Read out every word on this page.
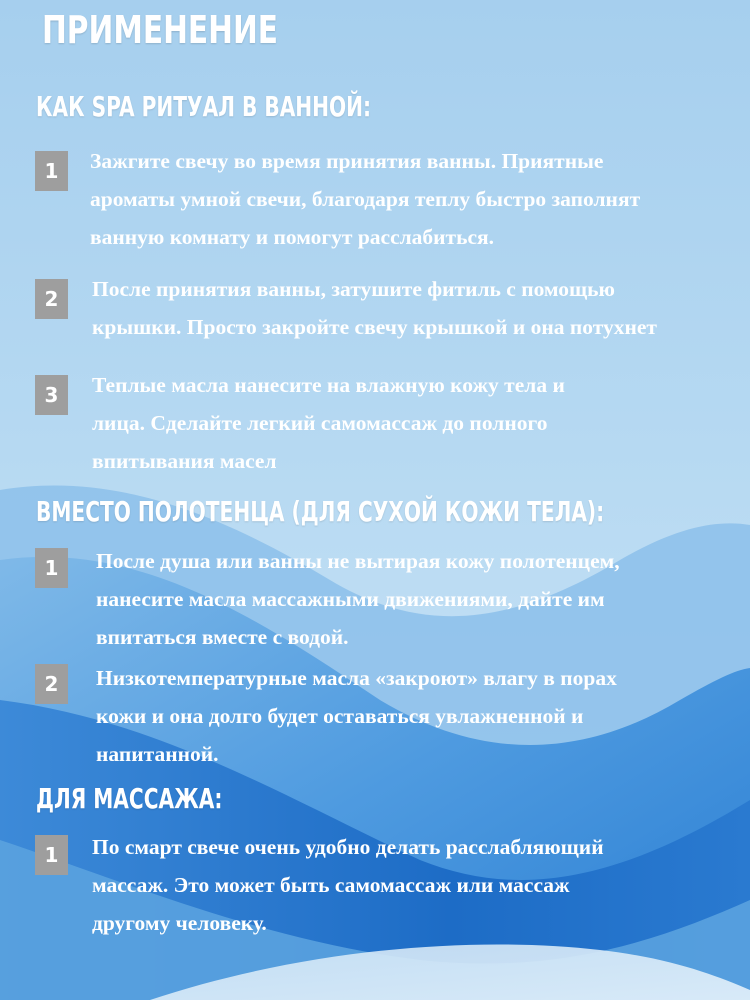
ПРИМЕНЕНИЕ
КАК SPA РИТУАЛ В ВАННОЙ:
1	Зажгите свечу во время принятия ванны. Приятные
ароматы умной свечи, благодаря теплу быстро заполнят
ванную комнату и помогут расслабиться.
2	После принятия ванны, затушите фитиль с помощью
крышки. Просто закройте свечу крышкой и она потухнет
3	Теплые масла нанесите на влажную кожу тела и
лица. Сделайте легкий самомассаж до полного
впитывания масел
ВМЕСТО ПОЛОТЕНЦА (ДЛЯ СУХОЙ КОЖИ ТЕЛА):
1	После душа или ванны не вытирая кожу полотенцем,
нанесите масла массажными движениями, дайте им
впитаться вместе с водой.
2	Низкотемпературные масла «закроют» влагу в порах
кожи и она долго будет оставаться увлажненной и
напитанной.
ДЛЯ МАССАЖА:
1	По смарт свече очень удобно делать расслабляющий
массаж. Это может быть самомассаж или массаж
другому человеку.
